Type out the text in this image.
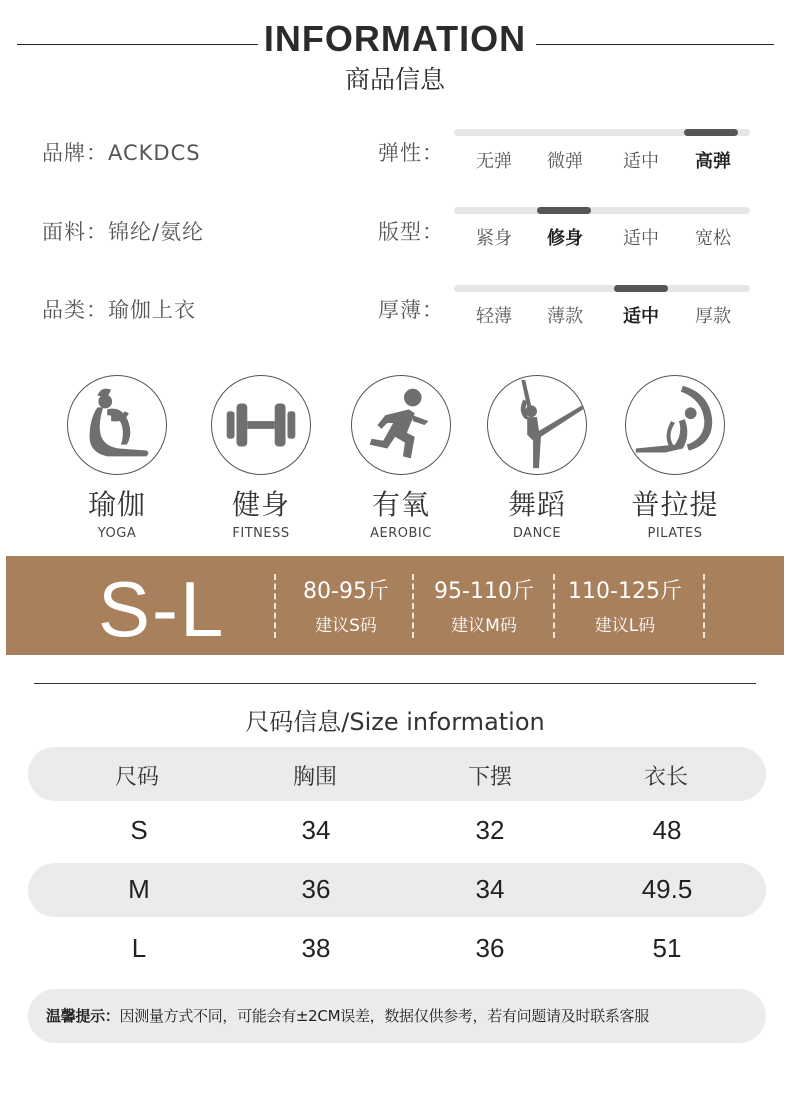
INFORMATION
商品信息
品牌：ACKDCS
面料：锦纶/氨纶
品类：瑜伽上衣
弹性：	无弹	微弹	适中	高弹
版型：	紧身	修身	适中	宽松
厚薄：	轻薄	薄款	适中	厚款
瑜伽
YOGA
健身
FITNESS
有氧
AEROBIC
舞蹈
DANCE
普拉提
PILATES
S-L	80-95斤
建议S码
95-110斤
建议M码
110-125斤
建议L码
尺码信息/Size information
尺码	胸围	下摆	衣长
S	34	32	48
M	36	34	49.5
L	38	36	51
温馨提示：因测量方式不同，可能会有±2CM误差，数据仅供参考，若有问题请及时联系客服
